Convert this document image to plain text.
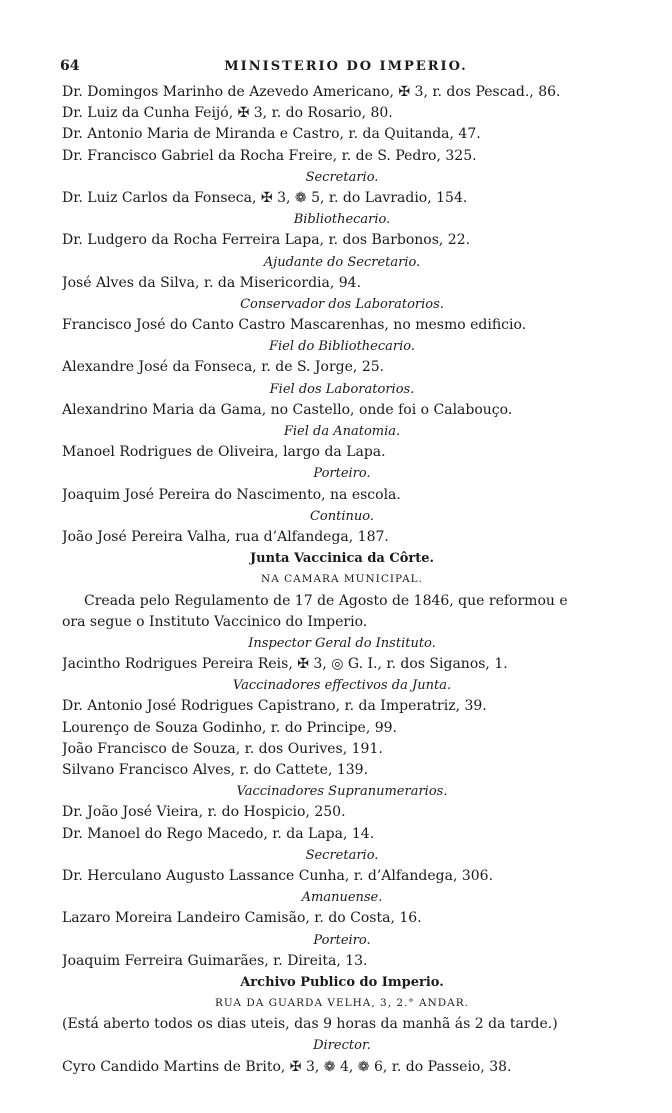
64	MINISTERIO DO IMPERIO.
Dr. Domingos Marinho de Azevedo Americano, ✠ 3, r. dos Pescad., 86.
Dr. Luiz da Cunha Feijó, ✠ 3, r. do Rosario, 80.
Dr. Antonio Maria de Miranda e Castro, r. da Quitanda, 47.
Dr. Francisco Gabriel da Rocha Freire, r. de S. Pedro, 325.
Secretario.
Dr. Luiz Carlos da Fonseca, ✠ 3, ❁ 5, r. do Lavradio, 154.
Bibliothecario.
Dr. Ludgero da Rocha Ferreira Lapa, r. dos Barbonos, 22.
Ajudante do Secretario.
José Alves da Silva, r. da Misericordia, 94.
Conservador dos Laboratorios.
Francisco José do Canto Castro Mascarenhas, no mesmo edificio.
Fiel do Bibliothecario.
Alexandre José da Fonseca, r. de S. Jorge, 25.
Fiel dos Laboratorios.
Alexandrino Maria da Gama, no Castello, onde foi o Calabouço.
Fiel da Anatomia.
Manoel Rodrigues de Oliveira, largo da Lapa.
Porteiro.
Joaquim José Pereira do Nascimento, na escola.
Continuo.
João José Pereira Valha, rua d’Alfandega, 187.
Junta Vaccinica da Côrte.
NA CAMARA MUNICIPAL.
Creada pelo Regulamento de 17 de Agosto de 1846, que reformou e
ora segue o Instituto Vaccinico do Imperio.
Inspector Geral do Instituto.
Jacintho Rodrigues Pereira Reis, ✠ 3, ◎ G. I., r. dos Siganos, 1.
Vaccinadores effectivos da Junta.
Dr. Antonio José Rodrigues Capistrano, r. da Imperatriz, 39.
Lourenço de Souza Godinho, r. do Principe, 99.
João Francisco de Souza, r. dos Ourives, 191.
Silvano Francisco Alves, r. do Cattete, 139.
Vaccinadores Supranumerarios.
Dr. João José Vieira, r. do Hospicio, 250.
Dr. Manoel do Rego Macedo, r. da Lapa, 14.
Secretario.
Dr. Herculano Augusto Lassance Cunha, r. d’Alfandega, 306.
Amanuense.
Lazaro Moreira Landeiro Camisão, r. do Costa, 16.
Porteiro.
Joaquim Ferreira Guimarães, r. Direita, 13.
Archivo Publico do Imperio.
RUA DA GUARDA VELHA, 3, 2.° ANDAR.
(Está aberto todos os dias uteis, das 9 horas da manhã ás 2 da tarde.)
Director.
Cyro Candido Martins de Brito, ✠ 3, ❁ 4, ❁ 6, r. do Passeio, 38.
